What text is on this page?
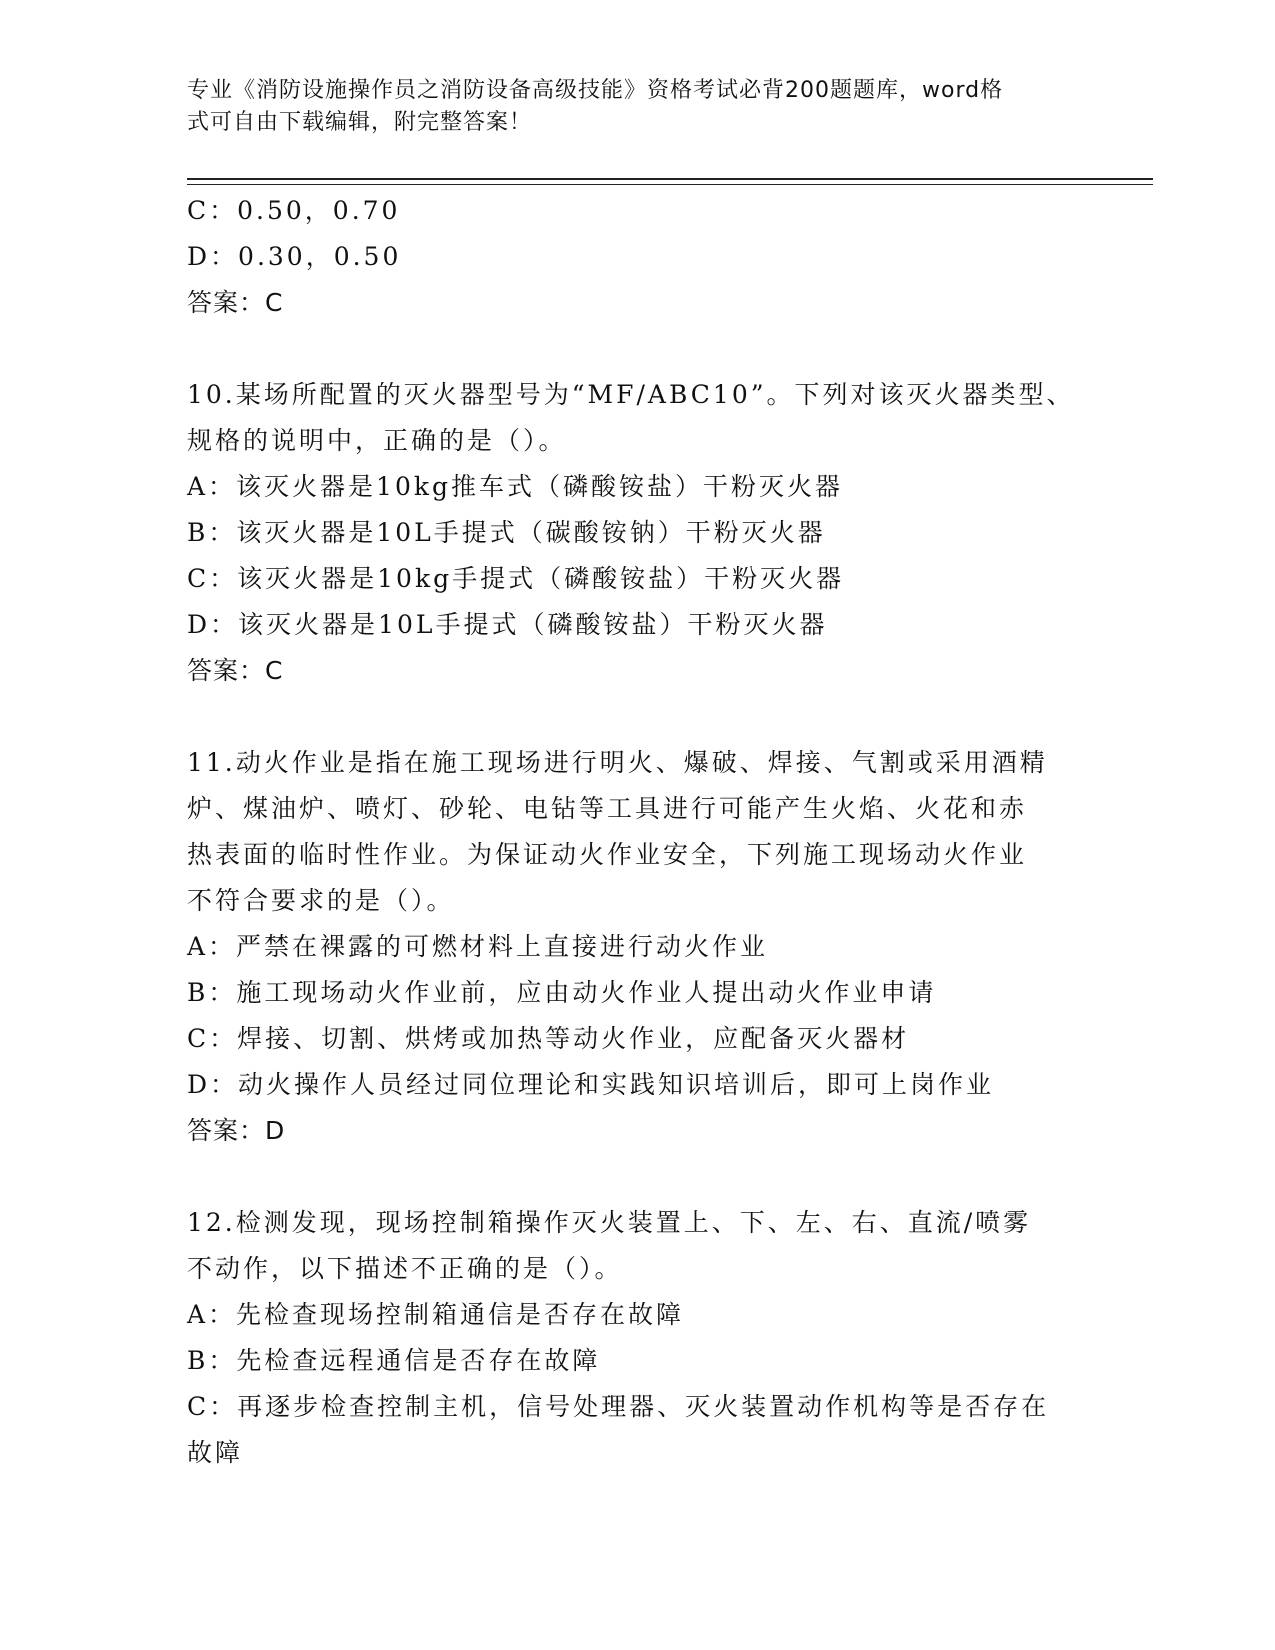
专业《消防设施操作员之消防设备高级技能》资格考试必背200题题库，word格
式可自由下载编辑，附完整答案！
C：0.50，0.70
D：0.30，0.50
答案：C
10.某场所配置的灭火器型号为“MF/ABC10”。下列对该灭火器类型、
规格的说明中，正确的是（）。
A：该灭火器是10kg推车式（磷酸铵盐）干粉灭火器
B：该灭火器是10L手提式（碳酸铵钠）干粉灭火器
C：该灭火器是10kg手提式（磷酸铵盐）干粉灭火器
D：该灭火器是10L手提式（磷酸铵盐）干粉灭火器
答案：C
11.动火作业是指在施工现场进行明火、爆破、焊接、气割或采用酒精
炉、煤油炉、喷灯、砂轮、电钻等工具进行可能产生火焰、火花和赤
热表面的临时性作业。为保证动火作业安全，下列施工现场动火作业
不符合要求的是（）。
A：严禁在裸露的可燃材料上直接进行动火作业
B：施工现场动火作业前，应由动火作业人提出动火作业申请
C：焊接、切割、烘烤或加热等动火作业，应配备灭火器材
D：动火操作人员经过同位理论和实践知识培训后，即可上岗作业
答案：D
12.检测发现，现场控制箱操作灭火装置上、下、左、右、直流/喷雾
不动作，以下描述不正确的是（）。
A：先检查现场控制箱通信是否存在故障
B：先检查远程通信是否存在故障
C：再逐步检查控制主机，信号处理器、灭火装置动作机构等是否存在
故障
